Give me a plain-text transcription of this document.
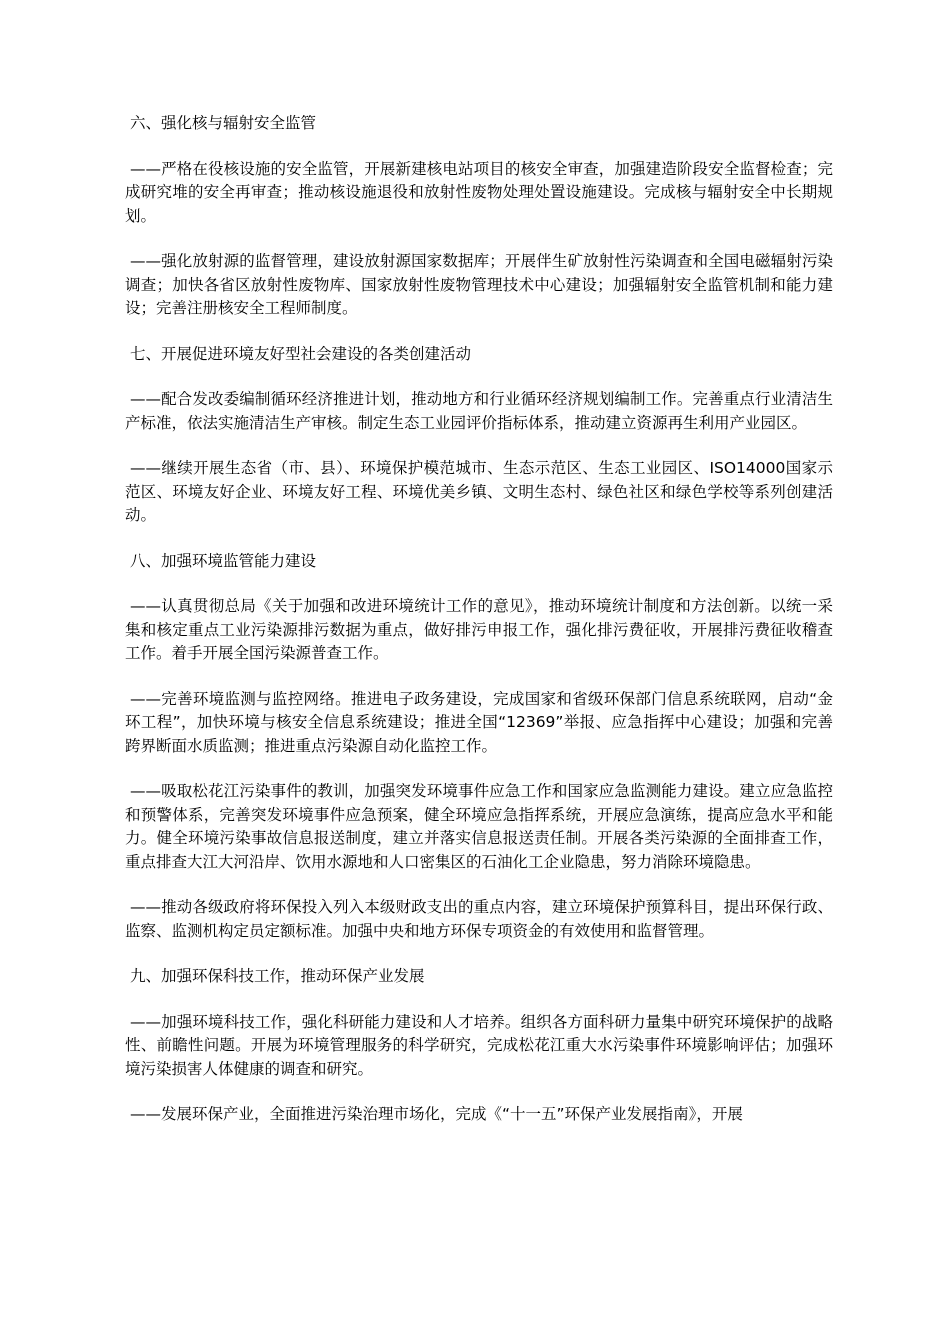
六、强化核与辐射安全监管
——严格在役核设施的安全监管，开展新建核电站项目的核安全审查，加强建造阶段安全监督检查；完成研究堆的安全再审查；推动核设施退役和放射性废物处理处置设施建设。完成核与辐射安全中长期规划。
——强化放射源的监督管理，建设放射源国家数据库；开展伴生矿放射性污染调查和全国电磁辐射污染调查；加快各省区放射性废物库、国家放射性废物管理技术中心建设；加强辐射安全监管机制和能力建设；完善注册核安全工程师制度。
七、开展促进环境友好型社会建设的各类创建活动
——配合发改委编制循环经济推进计划，推动地方和行业循环经济规划编制工作。完善重点行业清洁生产标准，依法实施清洁生产审核。制定生态工业园评价指标体系，推动建立资源再生利用产业园区。
——继续开展生态省（市、县）、环境保护模范城市、生态示范区、生态工业园区、ISO14000国家示范区、环境友好企业、环境友好工程、环境优美乡镇、文明生态村、绿色社区和绿色学校等系列创建活动。
八、加强环境监管能力建设
——认真贯彻总局《关于加强和改进环境统计工作的意见》，推动环境统计制度和方法创新。以统一采集和核定重点工业污染源排污数据为重点，做好排污申报工作，强化排污费征收，开展排污费征收稽查工作。着手开展全国污染源普查工作。
——完善环境监测与监控网络。推进电子政务建设，完成国家和省级环保部门信息系统联网，启动“金环工程”，加快环境与核安全信息系统建设；推进全国“12369”举报、应急指挥中心建设；加强和完善跨界断面水质监测；推进重点污染源自动化监控工作。
——吸取松花江污染事件的教训，加强突发环境事件应急工作和国家应急监测能力建设。建立应急监控和预警体系，完善突发环境事件应急预案，健全环境应急指挥系统，开展应急演练，提高应急水平和能力。健全环境污染事故信息报送制度，建立并落实信息报送责任制。开展各类污染源的全面排查工作，重点排查大江大河沿岸、饮用水源地和人口密集区的石油化工企业隐患，努力消除环境隐患。
——推动各级政府将环保投入列入本级财政支出的重点内容，建立环境保护预算科目，提出环保行政、监察、监测机构定员定额标准。加强中央和地方环保专项资金的有效使用和监督管理。
九、加强环保科技工作，推动环保产业发展
——加强环境科技工作，强化科研能力建设和人才培养。组织各方面科研力量集中研究环境保护的战略性、前瞻性问题。开展为环境管理服务的科学研究，完成松花江重大水污染事件环境影响评估；加强环境污染损害人体健康的调查和研究。
——发展环保产业，全面推进污染治理市场化，完成《“十一五”环保产业发展指南》，开展
